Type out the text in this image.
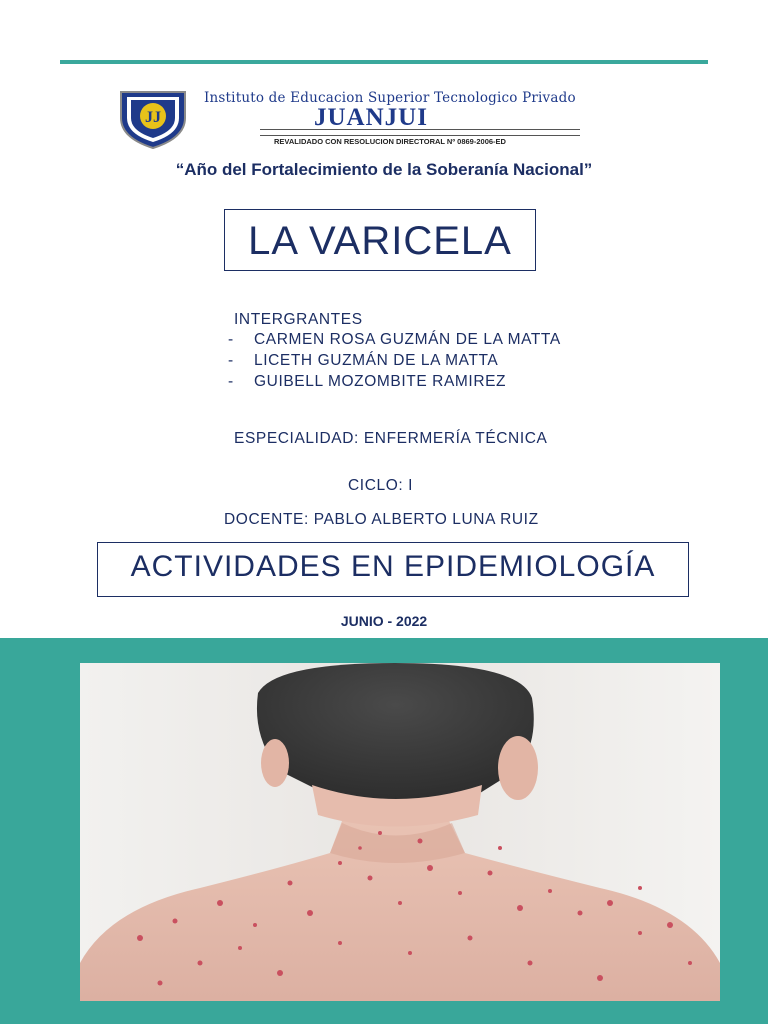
JJ
Instituto de Educacion Superior Tecnologico Privado
JUANJUI
REVALIDADO CON RESOLUCION DIRECTORAL Nº 0869-2006-ED
“Año del Fortalecimiento de la Soberanía Nacional”
LA VARICELA
INTERGRANTES
- CARMEN ROSA GUZMÁN DE LA MATTA
- LICETH GUZMÁN DE LA MATTA
- GUIBELL MOZOMBITE RAMIREZ
ESPECIALIDAD: ENFERMERÍA TÉCNICA
CICLO: I
DOCENTE: PABLO ALBERTO LUNA RUIZ
ACTIVIDADES EN EPIDEMIOLOGÍA
JUNIO - 2022
